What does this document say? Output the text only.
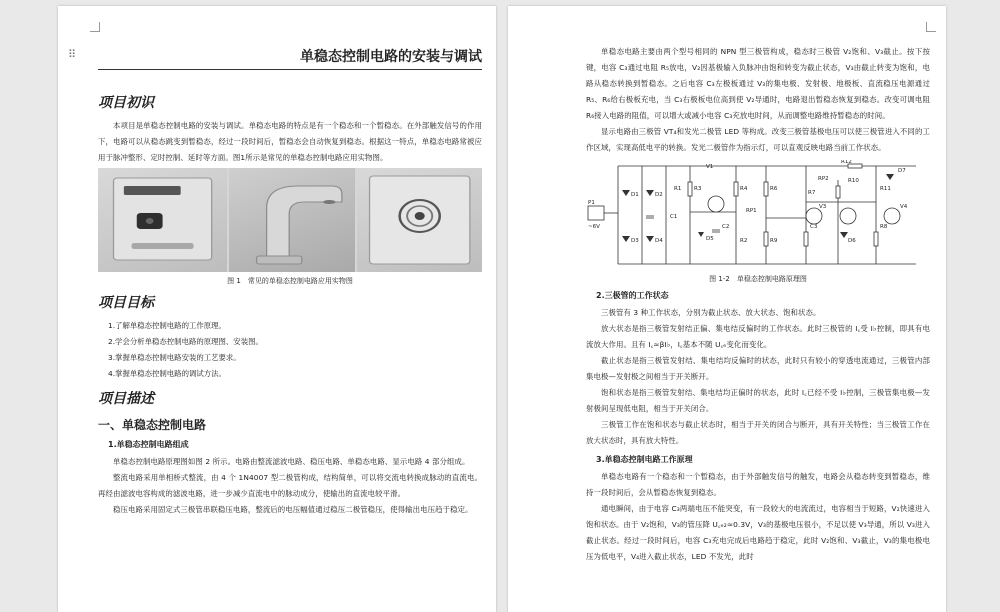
⠿	单稳态控制电路的安装与调试
项目初识

本项目是单稳态控制电路的安装与调试。单稳态电路的特点是有一个稳态和一个暂稳态。在外部触发信号的作用下，电路可以从稳态跳变到暂稳态，经过一段时间后，暂稳态会自动恢复到稳态。根据这一特点，单稳态电路常被应用于脉冲整形、定时控制、延时等方面。图1所示是常见的单稳态控制电路应用实物图。

图 1　常见的单稳态控制电路应用实物图
项目目标

1.了解单稳态控制电路的工作原理。

2.学会分析单稳态控制电路的原理图、安装图。

3.掌握单稳态控制电路安装的工艺要求。

4.掌握单稳态控制电路的调试方法。

项目描述
一、单稳态控制电路
1.单稳态控制电路组成

单稳态控制电路原理图如图 2 所示。电路由整流滤波电路、稳压电路、单稳态电路、显示电路 4 部分组成。

整流电路采用单相桥式整流，由 4 个 1N4007 型二极管构成，结构简单，可以将交流电转换成脉动的直流电。再经由滤波电容构成的滤波电路，进一步减少直流电中的脉动成分，使输出的直流电较平滑。

稳压电路采用固定式三极管串联稳压电路，整流后的电压幅值通过稳压二极管稳压，使得输出电压趋于稳定。

单稳态电路主要由两个型号相同的 NPN 型三极管构成，稳态时三极管 V₂饱和、V₃截止。按下按键，电容 C₃通过电阻 R₅放电，V₂因基极输入负脉冲由饱和转变为截止状态，V₃由截止转变为饱和，电路从稳态转换到暂稳态。之后电容 C₃左极板通过 V₃的集电极、发射极、地极板、直流稳压电源通过 R₅、R₆给右极板充电，当 C₃右极板电位高到使 V₂导通时，电路退出暂稳态恢复到稳态。改变可调电阻 R₆接入电路的阻值，可以增大或减小电容 C₃充放电时间，从而调整电路维持暂稳态的时间。

显示电路由三极管 VT₄和发光二极管 LED 等构成。改变三极管基极电压可以使三极管进入不同的工作区域，实现高低电平的转换。发光二极管作为指示灯，可以直观反映电路当前工作状态。

V1
R12
D7
RP2	R10
R3	R4	R6
R7
R11
V3	V4
R8
R9
C2	C3
R1
R2
RP1
P1
~6V
D1	D2
D3	D4
C1
D5	D6
图 1-2　单稳态控制电路原理图
2.三极管的工作状态

三极管有 3 种工作状态，分别为截止状态、放大状态、饱和状态。

放大状态是指三极管发射结正偏、集电结反偏时的工作状态。此时三极管的 I꜀受 I♭控制，即具有电流放大作用。且有 I꜀≈βI♭，I꜀基本不随 U꜀ₑ变化而变化。

截止状态是指三极管发射结、集电结均反偏时的状态，此时只有较小的穿透电流通过，三极管内部集电极—发射极之间相当于开关断开。

饱和状态是指三极管发射结、集电结均正偏时的状态，此时 I꜀已经不受 I♭控制，三极管集电极—发射极间呈现低电阻，相当于开关闭合。

三极管工作在饱和状态与截止状态时，相当于开关的闭合与断开，具有开关特性；当三极管工作在放大状态时，具有放大特性。

3.单稳态控制电路工作原理

单稳态电路有一个稳态和一个暂稳态，由于外部触发信号的触发，电路会从稳态转变到暂稳态，维持一段时间后，会从暂稳态恢复到稳态。

通电瞬间，由于电容 C₃两端电压不能突变，有一段较大的电流流过，电容相当于短路，V₂快速进入饱和状态。由于 V₂饱和，V₃的管压降 U꜀ₑ₂≈0.3V，V₃的基极电压很小，不足以使 V₃导通，所以 V₃进入截止状态。经过一段时间后，电容 C₃充电完成后电路趋于稳定，此时 V₂饱和、V₃截止，V₃的集电极电压为低电平，V₄进入截止状态，LED 不发光，此时
